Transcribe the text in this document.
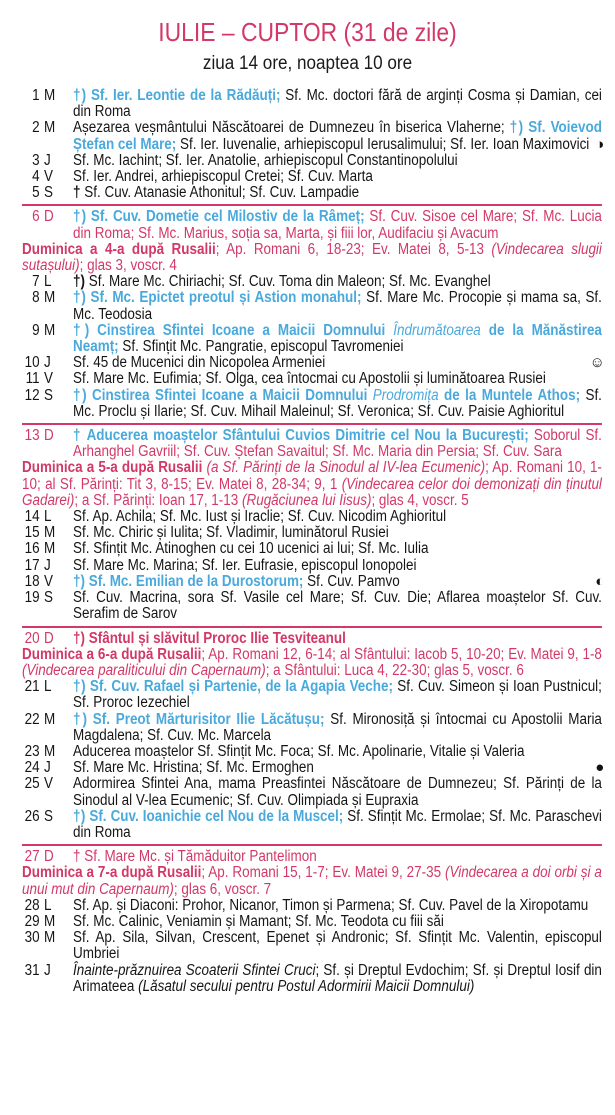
IULIE – CUPTOR (31 de zile)
ziua 14 ore, noaptea 10 ore
1 M †) Sf. Ier. Leontie de la Rădăuți; Sf. Mc. doctori fără de arginți Cosma și Damian, cei din Roma
2 M Așezarea veșmântului Născătoarei de Dumnezeu în biserica Vlaherne; †) Sf. Voievod Ștefan cel Mare; Sf. Ier. Iuvenalie, arhiepiscopul Ierusalimului; Sf. Ier. Ioan Maximovici ◑
3 J Sf. Mc. Iachint; Sf. Ier. Anatolie, arhiepiscopul Constantinopolului
4 V Sf. Ier. Andrei, arhiepiscopul Cretei; Sf. Cuv. Marta
5 S † Sf. Cuv. Atanasie Athonitul; Sf. Cuv. Lampadie
6 D †) Sf. Cuv. Dometie cel Milostiv de la Râmeț; Sf. Cuv. Sisoe cel Mare; Sf. Mc. Lucia din Roma; Sf. Mc. Marius, soția sa, Marta, și fiii lor, Audifaciu și Avacum
Duminica a 4-a după Rusalii; Ap. Romani 6, 18-23; Ev. Matei 8, 5-13 (Vindecarea slugii sutașului); glas 3, voscr. 4
7 L †) Sf. Mare Mc. Chiriachi; Sf. Cuv. Toma din Maleon; Sf. Mc. Evanghel
8 M †) Sf. Mc. Epictet preotul și Astion monahul; Sf. Mare Mc. Procopie și mama sa, Sf. Mc. Teodosia
9 M †) Cinstirea Sfintei Icoane a Maicii Domnului Îndrumătoarea de la Mănăstirea Neamț; Sf. Sfințit Mc. Pangratie, episcopul Tavromeniei
10 J Sf. 45 de Mucenici din Nicopolea Armeniei	☺
11 V Sf. Mare Mc. Eufimia; Sf. Olga, cea întocmai cu Apostolii și luminătoarea Rusiei
12 S †) Cinstirea Sfintei Icoane a Maicii Domnului Prodromița de la Muntele Athos; Sf. Mc. Proclu și Ilarie; Sf. Cuv. Mihail Maleinul; Sf. Veronica; Sf. Cuv. Paisie Aghioritul
13 D † Aducerea moaștelor Sfântului Cuvios Dimitrie cel Nou la București; Soborul Sf. Arhanghel Gavriil; Sf. Cuv. Ștefan Savaitul; Sf. Mc. Maria din Persia; Sf. Cuv. Sara
Duminica a 5-a după Rusalii (a Sf. Părinți de la Sinodul al IV-lea Ecumenic); Ap. Romani 10, 1-10; al Sf. Părinți: Tit 3, 8-15; Ev. Matei 8, 28-34; 9, 1 (Vindecarea celor doi demonizați din ținutul Gadarei); a Sf. Părinți: Ioan 17, 1-13 (Rugăciunea lui Iisus); glas 4, voscr. 5
14 L Sf. Ap. Achila; Sf. Mc. Iust și Iraclie; Sf. Cuv. Nicodim Aghioritul
15 M Sf. Mc. Chiric și Iulita; Sf. Vladimir, luminătorul Rusiei
16 M Sf. Sfințit Mc. Atinoghen cu cei 10 ucenici ai lui; Sf. Mc. Iulia
17 J Sf. Mare Mc. Marina; Sf. Ier. Eufrasie, episcopul Ionopolei
18 V †) Sf. Mc. Emilian de la Durostorum; Sf. Cuv. Pamvo	◐
19 S Sf. Cuv. Macrina, sora Sf. Vasile cel Mare; Sf. Cuv. Die; Aflarea moaștelor Sf. Cuv. Serafim de Sarov
20 D †) Sfântul și slăvitul Proroc Ilie Tesviteanul
Duminica a 6-a după Rusalii; Ap. Romani 12, 6-14; al Sfântului: Iacob 5, 10-20; Ev. Matei 9, 1-8 (Vindecarea paraliticului din Capernaum); a Sfântului: Luca 4, 22-30; glas 5, voscr. 6
21 L †) Sf. Cuv. Rafael și Partenie, de la Agapia Veche; Sf. Cuv. Simeon și Ioan Pustnicul; Sf. Proroc Iezechiel
22 M †) Sf. Preot Mărturisitor Ilie Lăcătușu; Sf. Mironosiță și întocmai cu Apostolii Maria Magdalena; Sf. Cuv. Mc. Marcela
23 M Aducerea moaștelor Sf. Sfințit Mc. Foca; Sf. Mc. Apolinarie, Vitalie și Valeria
24 J Sf. Mare Mc. Hristina; Sf. Mc. Ermoghen	●
25 V Adormirea Sfintei Ana, mama Preasfintei Născătoare de Dumnezeu; Sf. Părinți de la Sinodul al V-lea Ecumenic; Sf. Cuv. Olimpiada și Eupraxia
26 S †) Sf. Cuv. Ioanichie cel Nou de la Muscel; Sf. Sfințit Mc. Ermolae; Sf. Mc. Paraschevi din Roma
27 D † Sf. Mare Mc. și Tămăduitor Pantelimon
Duminica a 7-a după Rusalii; Ap. Romani 15, 1-7; Ev. Matei 9, 27-35 (Vindecarea a doi orbi și a unui mut din Capernaum); glas 6, voscr. 7
28 L Sf. Ap. și Diaconi: Prohor, Nicanor, Timon și Parmena; Sf. Cuv. Pavel de la Xiropotamu
29 M Sf. Mc. Calinic, Veniamin și Mamant; Sf. Mc. Teodota cu fiii săi
30 M Sf. Ap. Sila, Silvan, Crescent, Epenet și Andronic; Sf. Sfințit Mc. Valentin, episcopul Umbriei
31 J Înainte-prăznuirea Scoaterii Sfintei Cruci; Sf. și Dreptul Evdochim; Sf. și Dreptul Iosif din Arimateea (Lăsatul secului pentru Postul Adormirii Maicii Domnului)
